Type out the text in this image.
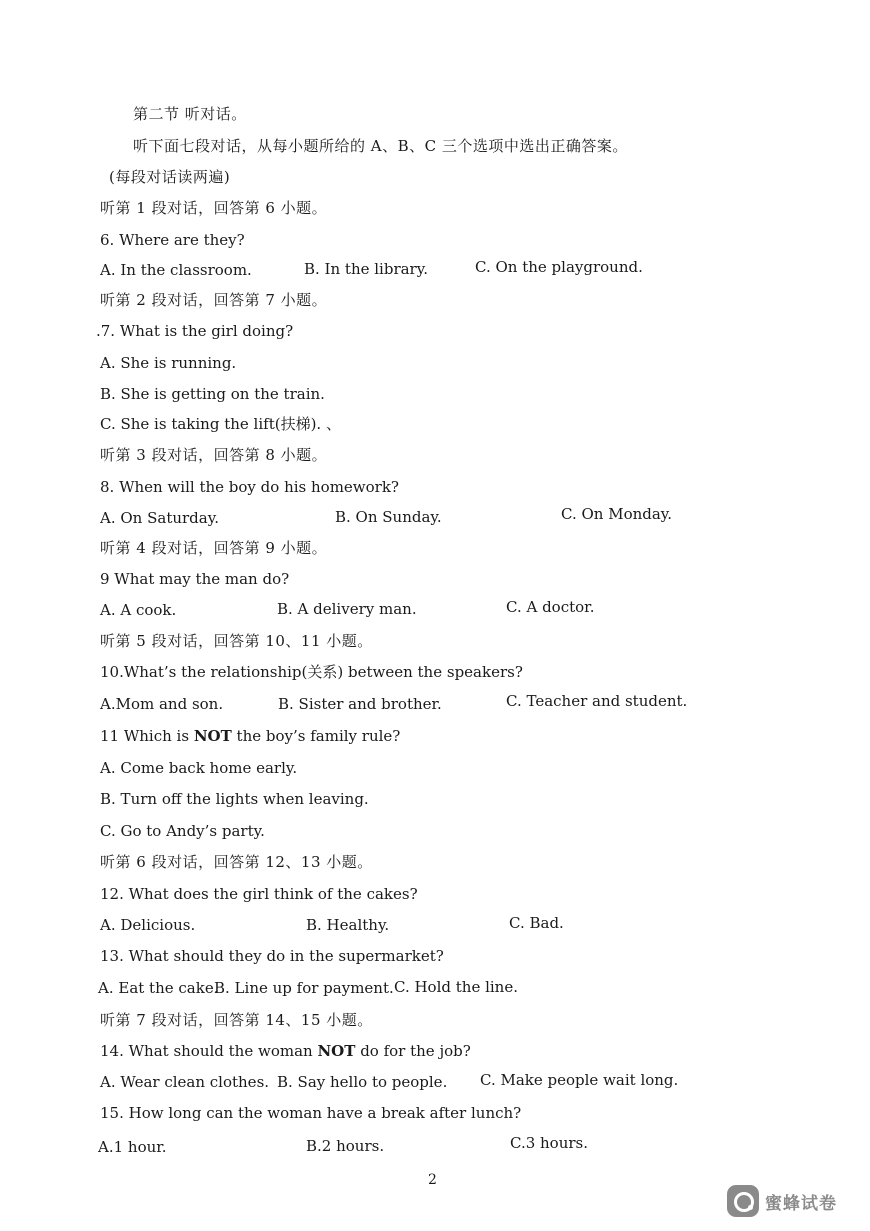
第二节 听对话。
听下面七段对话，从每小题所给的 A、B、C 三个选项中选出正确答案。
(每段对话读两遍)
听第 1 段对话，回答第 6 小题。
6. Where are they?
A. In the classroom.	B. In the library.	C. On the playground.
听第 2 段对话，回答第 7 小题。
.7. What is the girl doing?
A. She is running.
B. She is getting on the train.
C. She is taking the lift(扶梯). 、
听第 3 段对话，回答第 8 小题。
8. When will the boy do his homework?
A. On Saturday.	B. On Sunday.	C. On Monday.
听第 4 段对话，回答第 9 小题。
9 What may the man do?
A. A cook.	B. A delivery man.	C. A doctor.
听第 5 段对话，回答第 10、11 小题。
10.What’s the relationship(关系) between the speakers?
A.Mom and son.	B. Sister and brother.	C. Teacher and student.
11 Which is NOT the boy’s family rule?
A. Come back home early.
B. Turn off the lights when leaving.
C. Go to Andy’s party.
听第 6 段对话，回答第 12、13 小题。
12. What does the girl think of the cakes?
A. Delicious.	B. Healthy.	C. Bad.
13. What should they do in the supermarket?
A. Eat the cake.
B. Line up for payment. C. Hold the line.
听第 7 段对话，回答第 14、15 小题。
14. What should the woman NOT do for the job?
A. Wear clean clothes. B. Say hello to people. C. Make people wait long.
15. How long can the woman have a break after lunch?
A.1 hour.	B.2 hours.	C.3 hours.
2
蜜蜂试卷
